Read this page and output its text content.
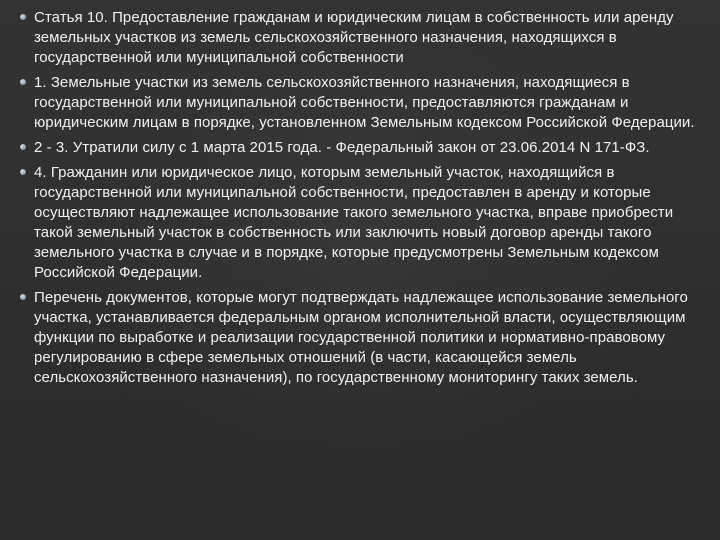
Статья 10. Предоставление гражданам и юридическим лицам в собственность или аренду земельных участков из земель сельскохозяйственного назначения, находящихся в государственной или муниципальной собственности
1. Земельные участки из земель сельскохозяйственного назначения, находящиеся в государственной или муниципальной собственности, предоставляются гражданам и юридическим лицам в порядке, установленном Земельным кодексом Российской Федерации.
2 - 3. Утратили силу с 1 марта 2015 года. - Федеральный закон от 23.06.2014 N 171-ФЗ.
4. Гражданин или юридическое лицо, которым земельный участок, находящийся в государственной или муниципальной собственности, предоставлен в аренду и которые осуществляют надлежащее использование такого земельного участка, вправе приобрести такой земельный участок в собственность или заключить новый договор аренды такого земельного участка в случае и в порядке, которые предусмотрены Земельным кодексом Российской Федерации.
Перечень документов, которые могут подтверждать надлежащее использование земельного участка, устанавливается федеральным органом исполнительной власти, осуществляющим функции по выработке и реализации государственной политики и нормативно-правовому регулированию в сфере земельных отношений (в части, касающейся земель сельскохозяйственного назначения), по государственному мониторингу таких земель.
